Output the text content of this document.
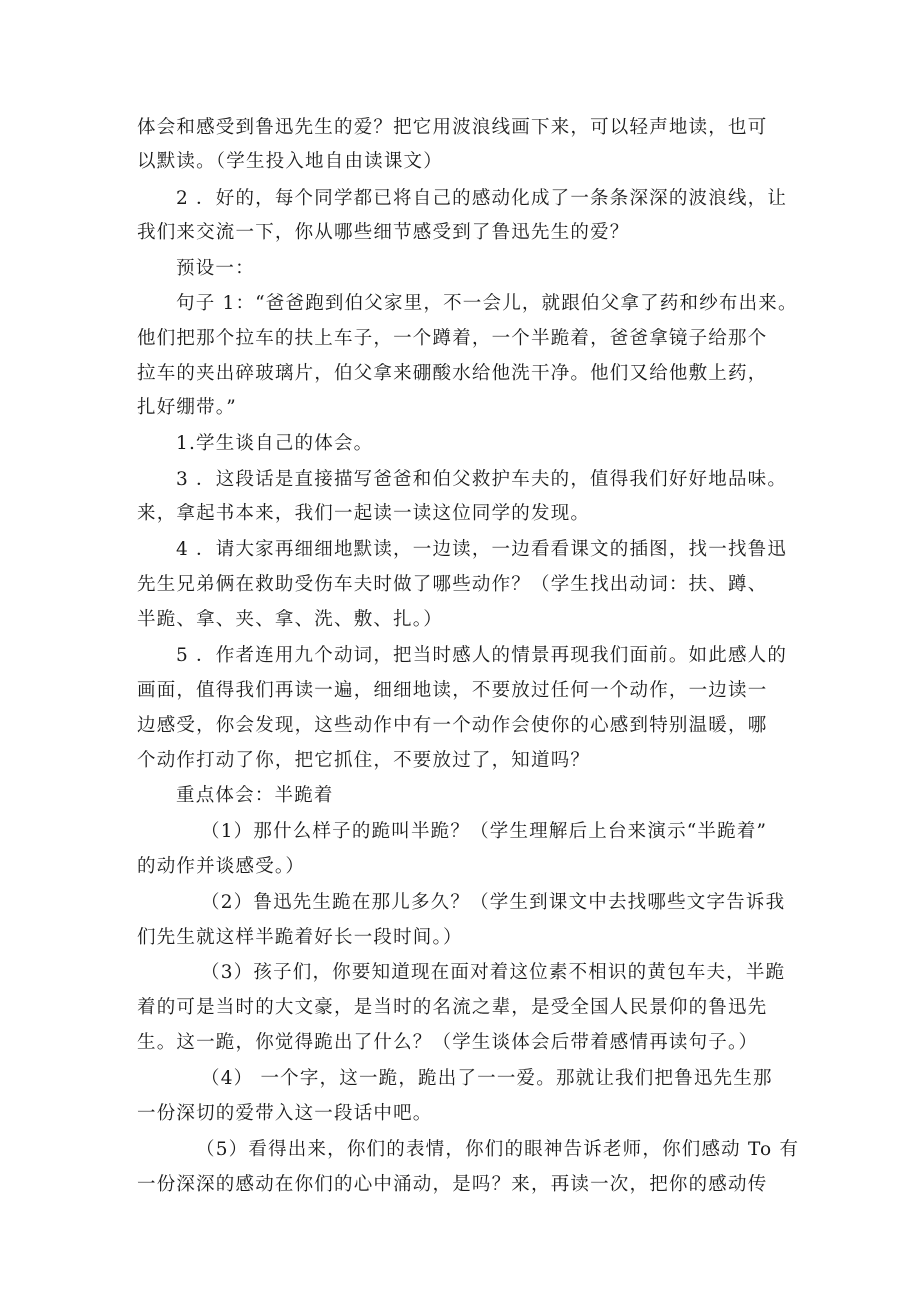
体会和感受到鲁迅先生的爱？把它用波浪线画下来，可以轻声地读，也可
以默读。（学生投入地自由读课文）
2 ．好的，每个同学都已将自己的感动化成了一条条深深的波浪线，让
我们来交流一下，你从哪些细节感受到了鲁迅先生的爱？
预设一：
句子 1：“爸爸跑到伯父家里，不一会儿，就跟伯父拿了药和纱布出来。
他们把那个拉车的扶上车子，一个蹲着，一个半跪着，爸爸拿镜子给那个
拉车的夹出碎玻璃片，伯父拿来硼酸水给他洗干净。他们又给他敷上药，
扎好绷带。”
1.学生谈自己的体会。
3 ．这段话是直接描写爸爸和伯父救护车夫的，值得我们好好地品味。
来，拿起书本来，我们一起读一读这位同学的发现。
4 ．请大家再细细地默读，一边读，一边看看课文的插图，找一找鲁迅
先生兄弟俩在救助受伤车夫时做了哪些动作？（学生找出动词：扶、蹲、
半跪、拿、夹、拿、洗、敷、扎。）
5 ．作者连用九个动词，把当时感人的情景再现我们面前。如此感人的
画面，值得我们再读一遍，细细地读，不要放过任何一个动作，一边读一
边感受，你会发现，这些动作中有一个动作会使你的心感到特别温暖，哪
个动作打动了你，把它抓住，不要放过了，知道吗？
重点体会：半跪着
（1）那什么样子的跪叫半跪？（学生理解后上台来演示“半跪着”
的动作并谈感受。）
（2）鲁迅先生跪在那儿多久？（学生到课文中去找哪些文字告诉我
们先生就这样半跪着好长一段时间。）
（3）孩子们，你要知道现在面对着这位素不相识的黄包车夫，半跪
着的可是当时的大文豪，是当时的名流之辈，是受全国人民景仰的鲁迅先
生。这一跪，你觉得跪出了什么？（学生谈体会后带着感情再读句子。）
（4） 一个字，这一跪，跪出了一一爱。那就让我们把鲁迅先生那
一份深切的爱带入这一段话中吧。
（5）看得出来，你们的表情，你们的眼神告诉老师，你们感动 To 有
一份深深的感动在你们的心中涌动，是吗？来，再读一次，把你的感动传
